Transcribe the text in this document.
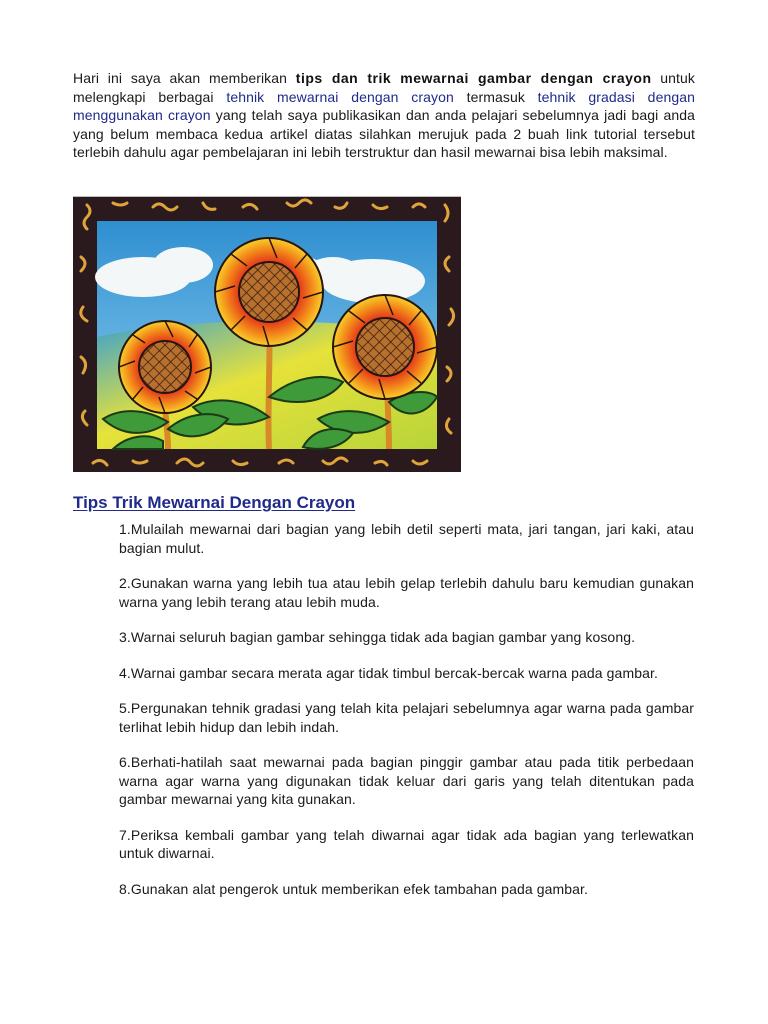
Hari ini saya akan memberikan tips dan trik mewarnai gambar dengan crayon untuk melengkapi berbagai tehnik mewarnai dengan crayon termasuk tehnik gradasi dengan menggunakan crayon yang telah saya publikasikan dan anda pelajari sebelumnya jadi bagi anda yang belum membaca kedua artikel diatas silahkan merujuk pada 2 buah link tutorial tersebut terlebih dahulu agar pembelajaran ini lebih terstruktur dan hasil mewarnai bisa lebih maksimal.

Tips Trik Mewarnai Dengan Crayon
1.Mulailah mewarnai dari bagian yang lebih detil seperti mata, jari tangan, jari kaki, atau bagian mulut.
2.Gunakan warna yang lebih tua atau lebih gelap terlebih dahulu baru kemudian gunakan warna yang lebih terang atau lebih muda.
3.Warnai seluruh bagian gambar sehingga tidak ada bagian gambar yang kosong.
4.Warnai gambar secara merata agar tidak timbul bercak-bercak warna pada gambar.
5.Pergunakan tehnik gradasi yang telah kita pelajari sebelumnya agar warna pada gambar terlihat lebih hidup dan lebih indah.
6.Berhati-hatilah saat mewarnai pada bagian pinggir gambar atau pada titik perbedaan warna agar warna yang digunakan tidak keluar dari garis yang telah ditentukan pada gambar mewarnai yang kita gunakan.
7.Periksa kembali gambar yang telah diwarnai agar tidak ada bagian yang terlewatkan untuk diwarnai.
8.Gunakan alat pengerok untuk memberikan efek tambahan pada gambar.
